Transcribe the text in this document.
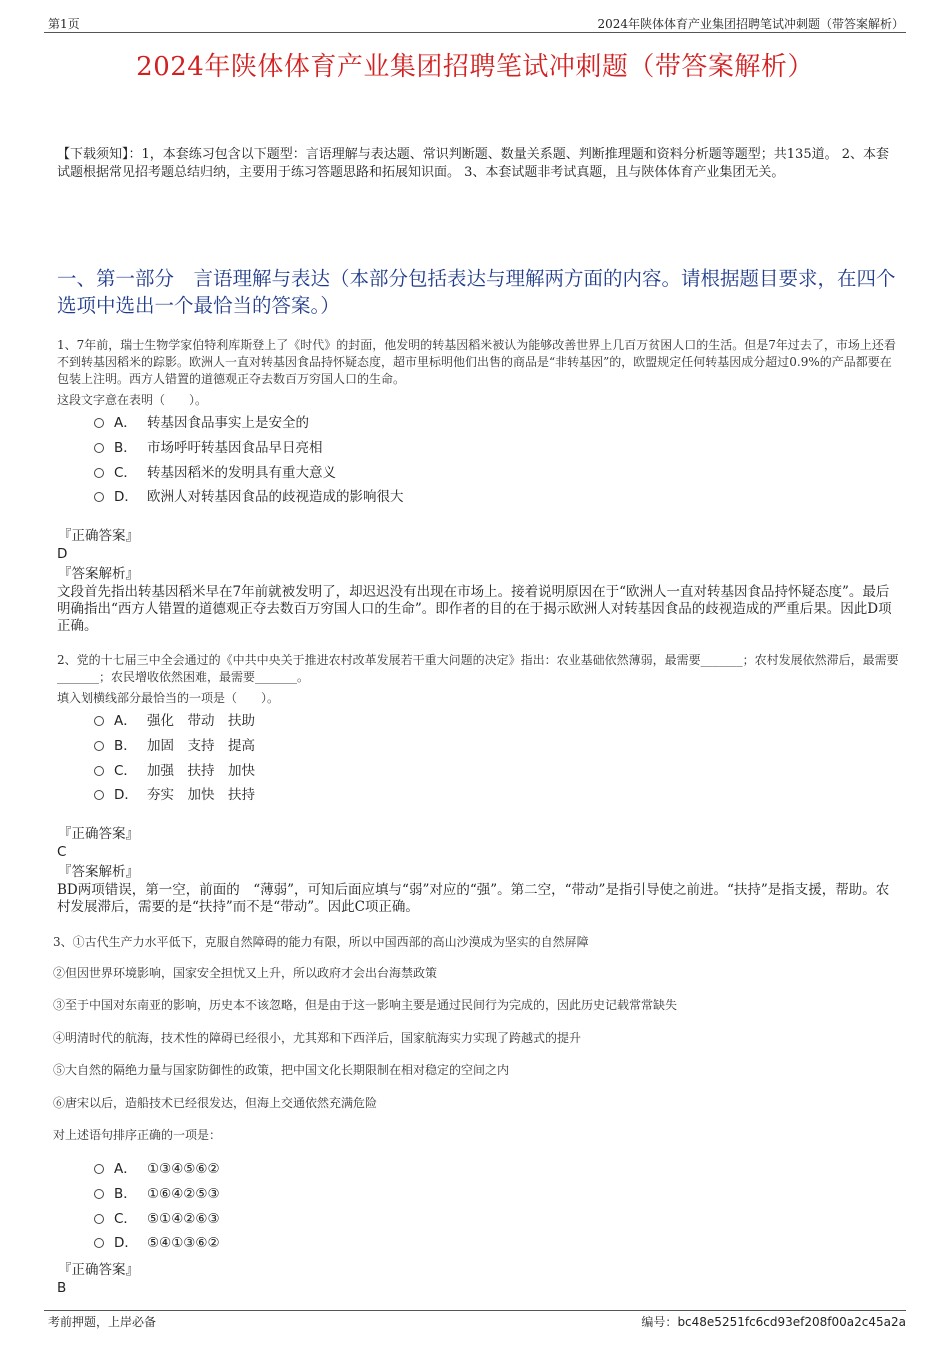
第1页	2024年陕体体育产业集团招聘笔试冲刺题（带答案解析）
2024年陕体体育产业集团招聘笔试冲刺题（带答案解析）
【下载须知】：1，本套练习包含以下题型：言语理解与表达题、常识判断题、数量关系题、判断推理题和资料分析题等题型；共135道。 2、本套试题根据常见招考题总结归纳，主要用于练习答题思路和拓展知识面。 3、本套试题非考试真题，且与陕体体育产业集团无关。
一、第一部分　言语理解与表达（本部分包括表达与理解两方面的内容。请根据题目要求，在四个选项中选出一个最恰当的答案。）
1、7年前，瑞士生物学家伯特利库斯登上了《时代》的封面，他发明的转基因稻米被认为能够改善世界上几百万贫困人口的生活。但是7年过去了，市场上还看不到转基因稻米的踪影。欧洲人一直对转基因食品持怀疑态度，超市里标明他们出售的商品是“非转基因”的，欧盟规定任何转基因成分超过0.9%的产品都要在包装上注明。西方人错置的道德观正夺去数百万穷国人口的生命。
这段文字意在表明（　　）。
A． 转基因食品事实上是安全的
B． 市场呼吁转基因食品早日亮相
C． 转基因稻米的发明具有重大意义
D． 欧洲人对转基因食品的歧视造成的影响很大
『正确答案』
D
『答案解析』
文段首先指出转基因稻米早在7年前就被发明了，却迟迟没有出现在市场上。接着说明原因在于“欧洲人一直对转基因食品持怀疑态度”。最后明确指出“西方人错置的道德观正夺去数百万穷国人口的生命”。即作者的目的在于揭示欧洲人对转基因食品的歧视造成的严重后果。因此D项正确。
2、党的十七届三中全会通过的《中共中央关于推进农村改革发展若干重大问题的决定》指出：农业基础依然薄弱，最需要_______；农村发展依然滞后，最需要_______；农民增收依然困难，最需要_______。
填入划横线部分最恰当的一项是（　　）。
A． 强化　带动　扶助
B． 加固　支持　提高
C． 加强　扶持　加快
D． 夯实　加快　扶持
『正确答案』
C
『答案解析』
BD两项错误，第一空，前面的　“薄弱”，可知后面应填与“弱”对应的“强”。第二空，“带动”是指引导使之前进。“扶持”是指支援，帮助。农村发展滞后，需要的是“扶持”而不是“带动”。因此C项正确。
3、①古代生产力水平低下，克服自然障碍的能力有限，所以中国西部的高山沙漠成为坚实的自然屏障
②但因世界环境影响，国家安全担忧又上升，所以政府才会出台海禁政策
③至于中国对东南亚的影响，历史本不该忽略，但是由于这一影响主要是通过民间行为完成的，因此历史记载常常缺失
④明清时代的航海，技术性的障碍已经很小，尤其郑和下西洋后，国家航海实力实现了跨越式的提升
⑤大自然的隔绝力量与国家防御性的政策，把中国文化长期限制在相对稳定的空间之内
⑥唐宋以后，造船技术已经很发达，但海上交通依然充满危险
对上述语句排序正确的一项是：
A． ①③④⑤⑥②
B． ①⑥④②⑤③
C． ⑤①④②⑥③
D． ⑤④①③⑥②
『正确答案』
B
考前押题，上岸必备	编号：bc48e5251fc6cd93ef208f00a2c45a2a
